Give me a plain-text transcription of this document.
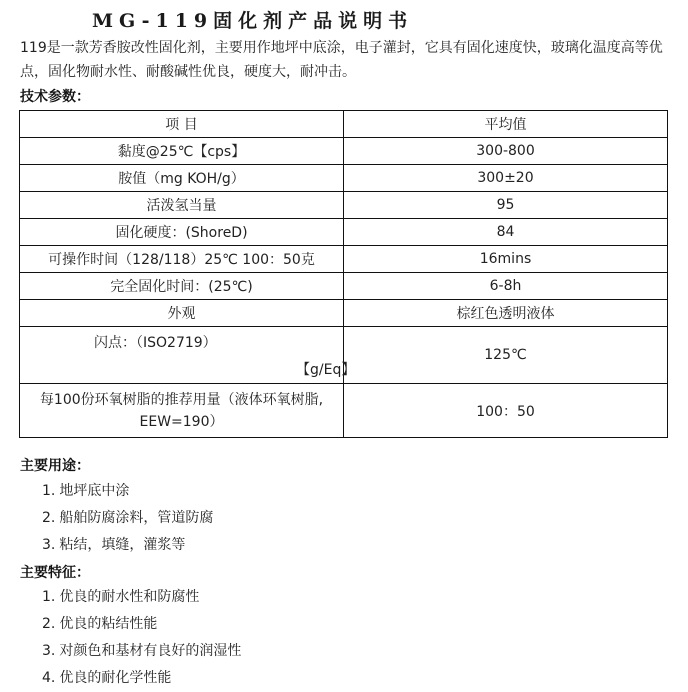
MG-119固化剂产品说明书
119是一款芳香胺改性固化剂，主要用作地坪中底涂，电子灌封，它具有固化速度快，玻璃化温度高等优点，固化物耐水性、耐酸碱性优良，硬度大，耐冲击。
技术参数：
项 目	平均值
黏度@25℃【cps】	300-800
胺值（mg KOH/g）	300±20
活泼氢当量	95
固化硬度：(ShoreD)	84
可操作时间（128/118）25℃ 100：50克	16mins
完全固化时间：(25℃)	6-8h
外观	棕红色透明液体

闪点：（ISO2719）
【g/Eq】	125℃
每100份环氧树脂的推荐用量（液体环氧树脂, EEW=190）	100：50
主要用途：
1. 地坪底中涂
2. 船舶防腐涂料，管道防腐
3. 粘结，填缝，灌浆等
主要特征：
1. 优良的耐水性和防腐性
2. 优良的粘结性能
3. 对颜色和基材有良好的润湿性
4. 优良的耐化学性能
